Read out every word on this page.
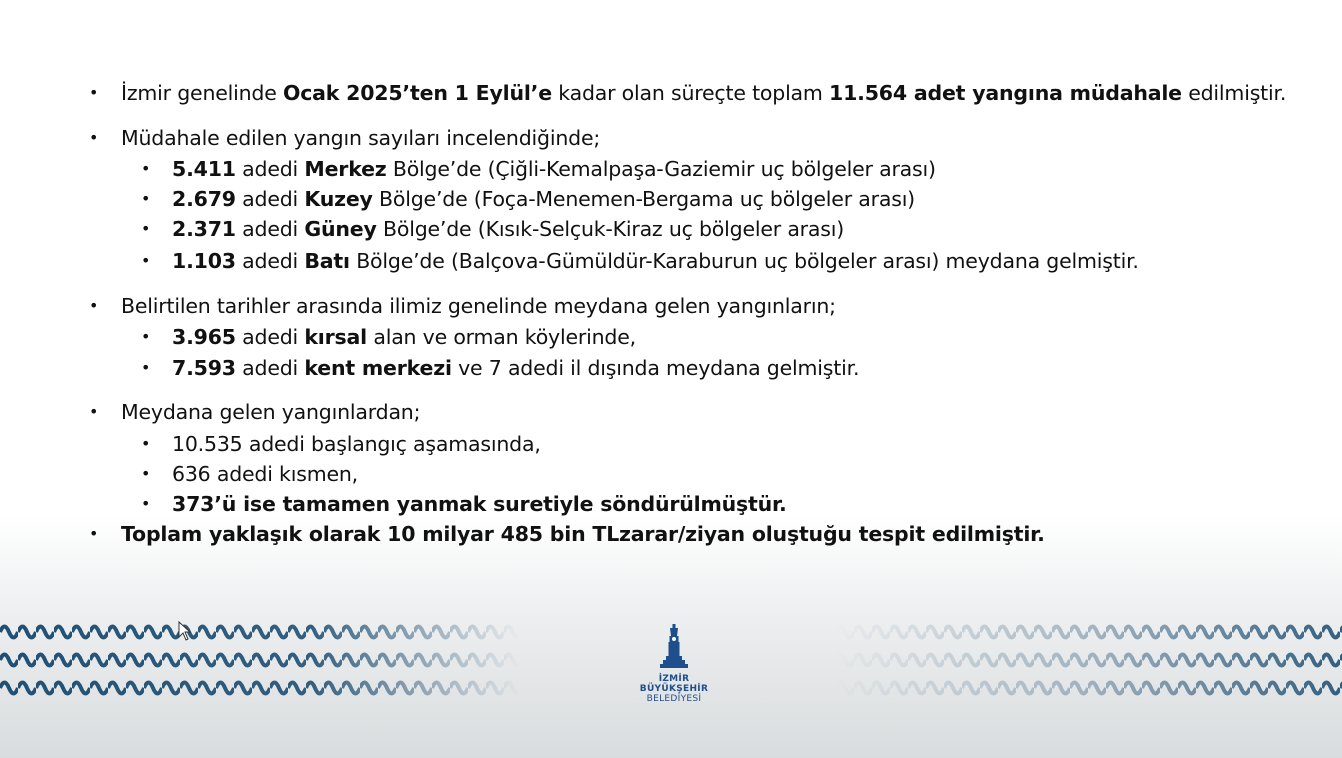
• İzmir genelinde Ocak 2025’ten 1 Eylül’e kadar olan süreçte toplam 11.564 adet yangına müdahale edilmiştir.
• Müdahale edilen yangın sayıları incelendiğinde;
• 5.411 adedi Merkez Bölge’de (Çiğli-Kemalpaşa-Gaziemir uç bölgeler arası)
• 2.679 adedi Kuzey Bölge’de (Foça-Menemen-Bergama uç bölgeler arası)
• 2.371 adedi Güney Bölge’de (Kısık-Selçuk-Kiraz uç bölgeler arası)
• 1.103 adedi Batı Bölge’de (Balçova-Gümüldür-Karaburun uç bölgeler arası) meydana gelmiştir.
• Belirtilen tarihler arasında ilimiz genelinde meydana gelen yangınların;
• 3.965 adedi kırsal alan ve orman köylerinde,
• 7.593 adedi kent merkezi ve 7 adedi il dışında meydana gelmiştir.
• Meydana gelen yangınlardan;
• 10.535 adedi başlangıç aşamasında,
• 636 adedi kısmen,
• 373’ü ise tamamen yanmak suretiyle söndürülmüştür.
• Toplam yaklaşık olarak 10 milyar 485 bin TLzarar/ziyan oluştuğu tespit edilmiştir.
İZMİR
BÜYÜKŞEHİR
BELEDİYESİ
